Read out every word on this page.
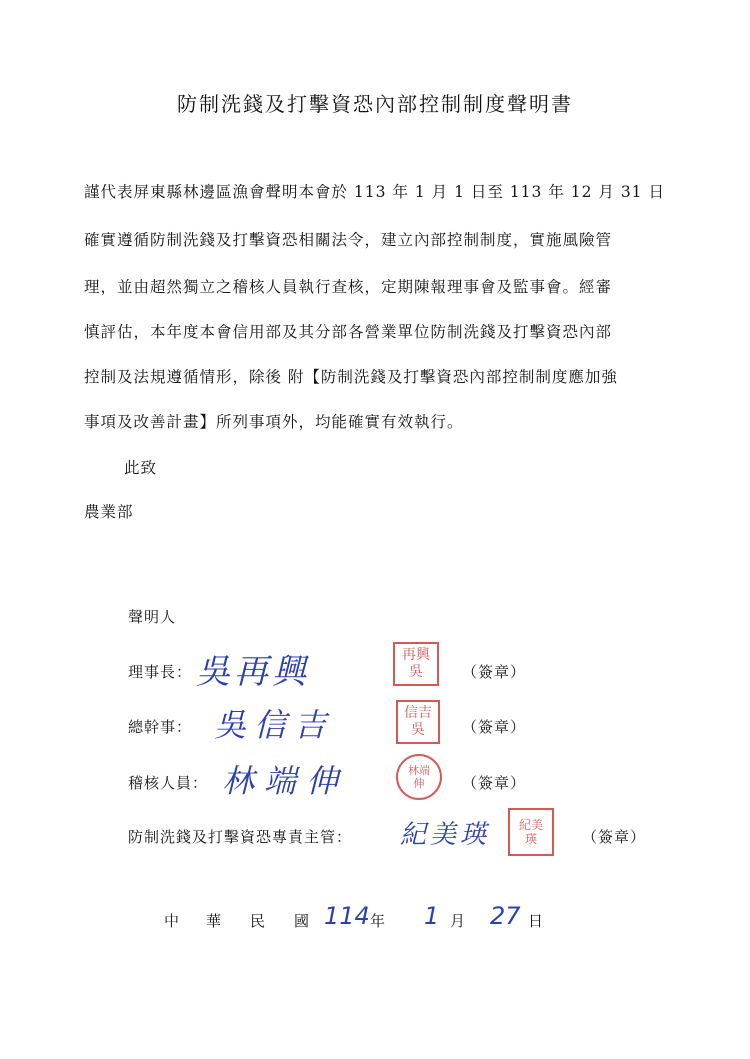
防制洗錢及打擊資恐內部控制制度聲明書
謹代表屏東縣林邊區漁會聲明本會於 113 年 1 月 1 日至 113 年 12 月 31 日
確實遵循防制洗錢及打擊資恐相關法令，建立內部控制制度，實施風險管
理，並由超然獨立之稽核人員執行查核，定期陳報理事會及監事會。經審
慎評估，本年度本會信用部及其分部各營業單位防制洗錢及打擊資恐內部
控制及法規遵循情形，除後 附【防制洗錢及打擊資恐內部控制制度應加強
事項及改善計畫】所列事項外，均能確實有效執行。
此致
農業部
聲明人
理事長： 吳再興	再興吳	（簽章）
總幹事： 吳信吉	信吉吳	（簽章）
稽核人員： 林端伸	林端伸	（簽章）
防制洗錢及打擊資恐專責主管： 紀美瑛 紀美瑛	（簽章）
中 華 民 國 114 年 1 月 27 日
